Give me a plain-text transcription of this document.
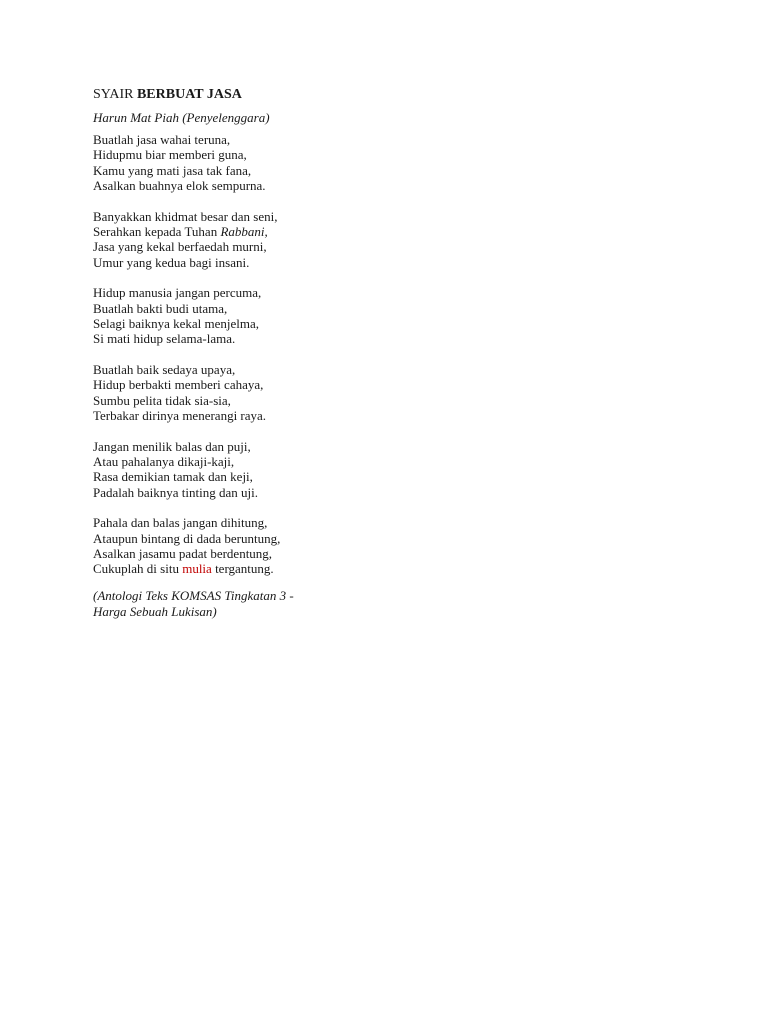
SYAIR BERBUAT JASA
Harun Mat Piah (Penyelenggara)
Buatlah jasa wahai teruna,
Hidupmu biar memberi guna,
Kamu yang mati jasa tak fana,
Asalkan buahnya elok sempurna.
Banyakkan khidmat besar dan seni,
Serahkan kepada Tuhan Rabbani,
Jasa yang kekal berfaedah murni,
Umur yang kedua bagi insani.
Hidup manusia jangan percuma,
Buatlah bakti budi utama,
Selagi baiknya kekal menjelma,
Si mati hidup selama-lama.
Buatlah baik sedaya upaya,
Hidup berbakti memberi cahaya,
Sumbu pelita tidak sia-sia,
Terbakar dirinya menerangi raya.
Jangan menilik balas dan puji,
Atau pahalanya dikaji-kaji,
Rasa demikian tamak dan keji,
Padalah baiknya tinting dan uji.
Pahala dan balas jangan dihitung,
Ataupun bintang di dada beruntung,
Asalkan jasamu padat berdentung,
Cukuplah di situ mulia tergantung.
(Antologi Teks KOMSAS Tingkatan 3 -
Harga Sebuah Lukisan)
